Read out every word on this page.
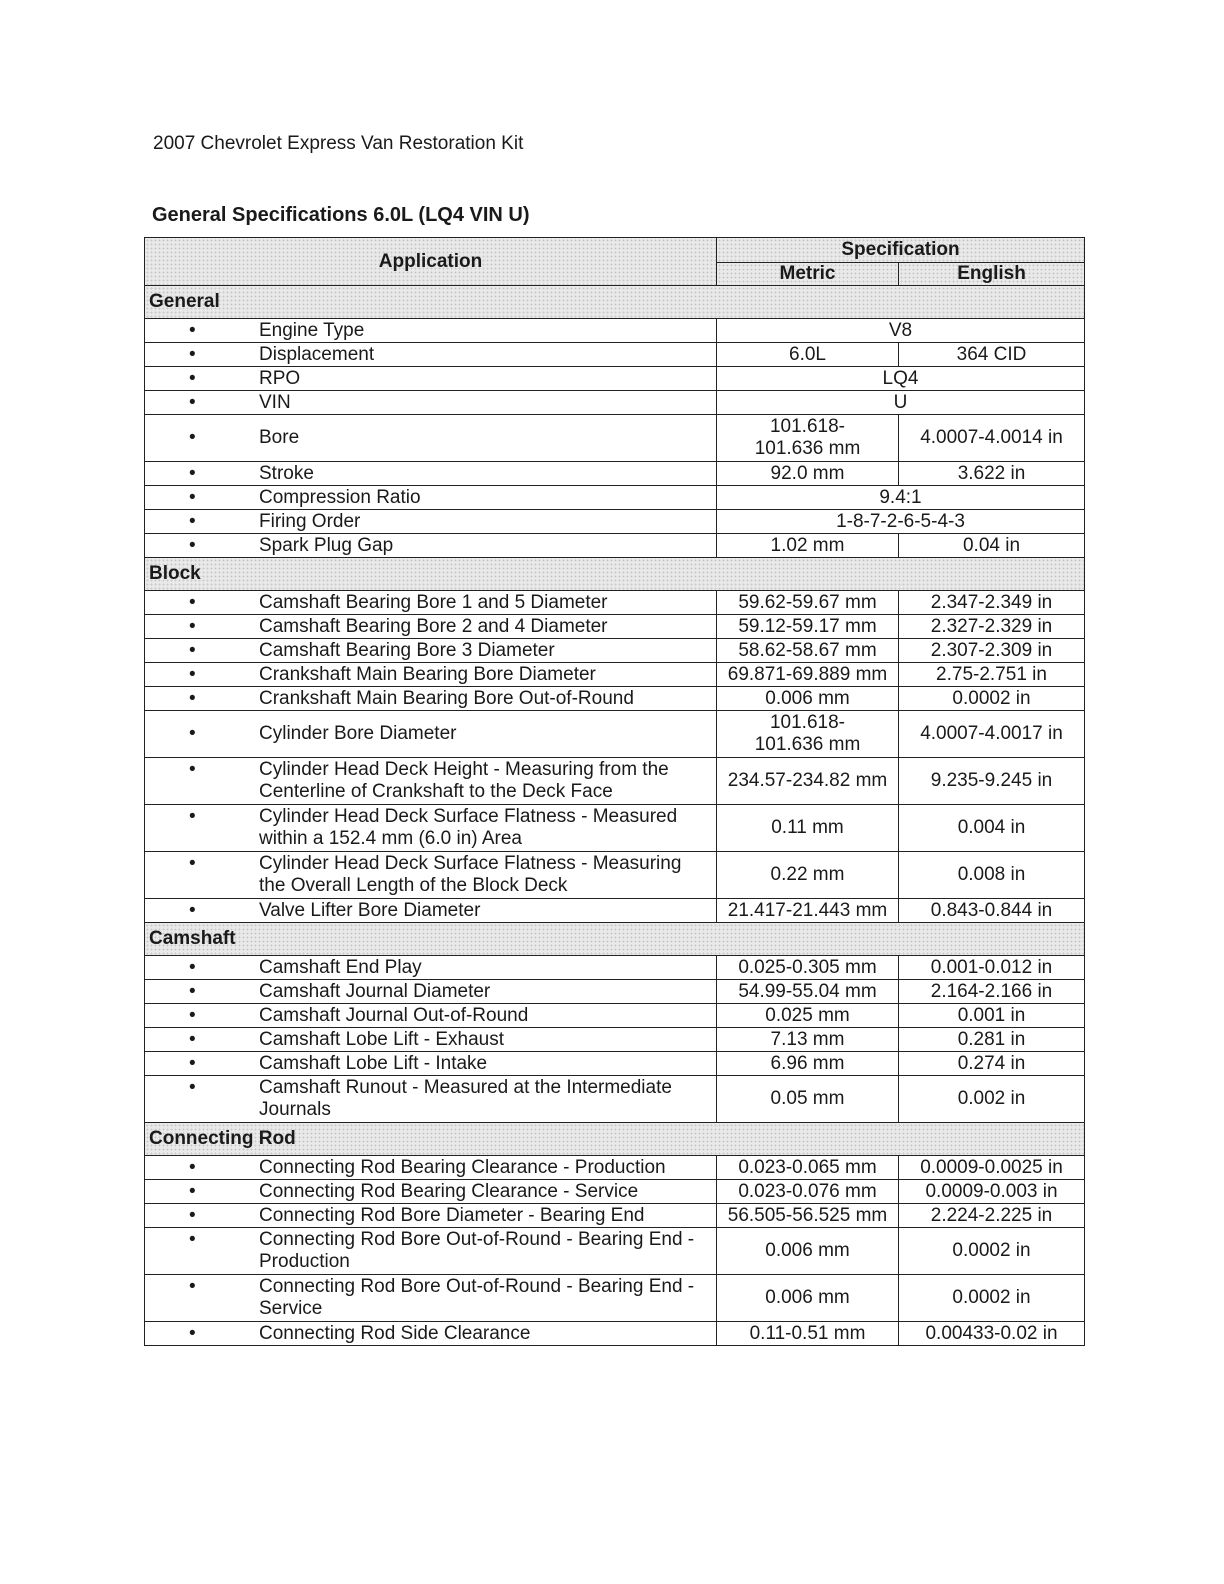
2007 Chevrolet Express Van Restoration Kit
General Specifications 6.0L (LQ4 VIN U)
Application	Specification	
	Metric	English
General		

• Engine Type	V8	

• Displacement	6.0L	364 CID

• RPO	LQ4	

• VIN	U	

• Bore	101.618-
101.636 mm	4.0007-4.0014 in

• Stroke	92.0 mm	3.622 in

• Compression Ratio	9.4:1	

• Firing Order	1-8-7-2-6-5-4-3	

• Spark Plug Gap	1.02 mm	0.04 in
Block		

• Camshaft Bearing Bore 1 and 5 Diameter	59.62-59.67 mm	2.347-2.349 in

• Camshaft Bearing Bore 2 and 4 Diameter	59.12-59.17 mm	2.327-2.329 in

• Camshaft Bearing Bore 3 Diameter	58.62-58.67 mm	2.307-2.309 in

• Crankshaft Main Bearing Bore Diameter	69.871-69.889 mm	2.75-2.751 in

• Crankshaft Main Bearing Bore Out-of-Round	0.006 mm	0.0002 in

• Cylinder Bore Diameter	101.618-
101.636 mm	4.0007-4.0017 in

• Cylinder Head Deck Height - Measuring from the Centerline of Crankshaft to the Deck Face	234.57-234.82 mm	9.235-9.245 in

• Cylinder Head Deck Surface Flatness - Measured within a 152.4 mm (6.0 in) Area	0.11 mm	0.004 in

• Cylinder Head Deck Surface Flatness - Measuring the Overall Length of the Block Deck	0.22 mm	0.008 in

• Valve Lifter Bore Diameter	21.417-21.443 mm	0.843-0.844 in
Camshaft		

• Camshaft End Play	0.025-0.305 mm	0.001-0.012 in

• Camshaft Journal Diameter	54.99-55.04 mm	2.164-2.166 in

• Camshaft Journal Out-of-Round	0.025 mm	0.001 in

• Camshaft Lobe Lift - Exhaust	7.13 mm	0.281 in

• Camshaft Lobe Lift - Intake	6.96 mm	0.274 in

• Camshaft Runout - Measured at the Intermediate Journals	0.05 mm	0.002 in
Connecting Rod		

• Connecting Rod Bearing Clearance - Production	0.023-0.065 mm	0.0009-0.0025 in

• Connecting Rod Bearing Clearance - Service	0.023-0.076 mm	0.0009-0.003 in

• Connecting Rod Bore Diameter - Bearing End	56.505-56.525 mm	2.224-2.225 in

• Connecting Rod Bore Out-of-Round - Bearing End - Production	0.006 mm	0.0002 in

• Connecting Rod Bore Out-of-Round - Bearing End - Service	0.006 mm	0.0002 in

• Connecting Rod Side Clearance	0.11-0.51 mm	0.00433-0.02 in
